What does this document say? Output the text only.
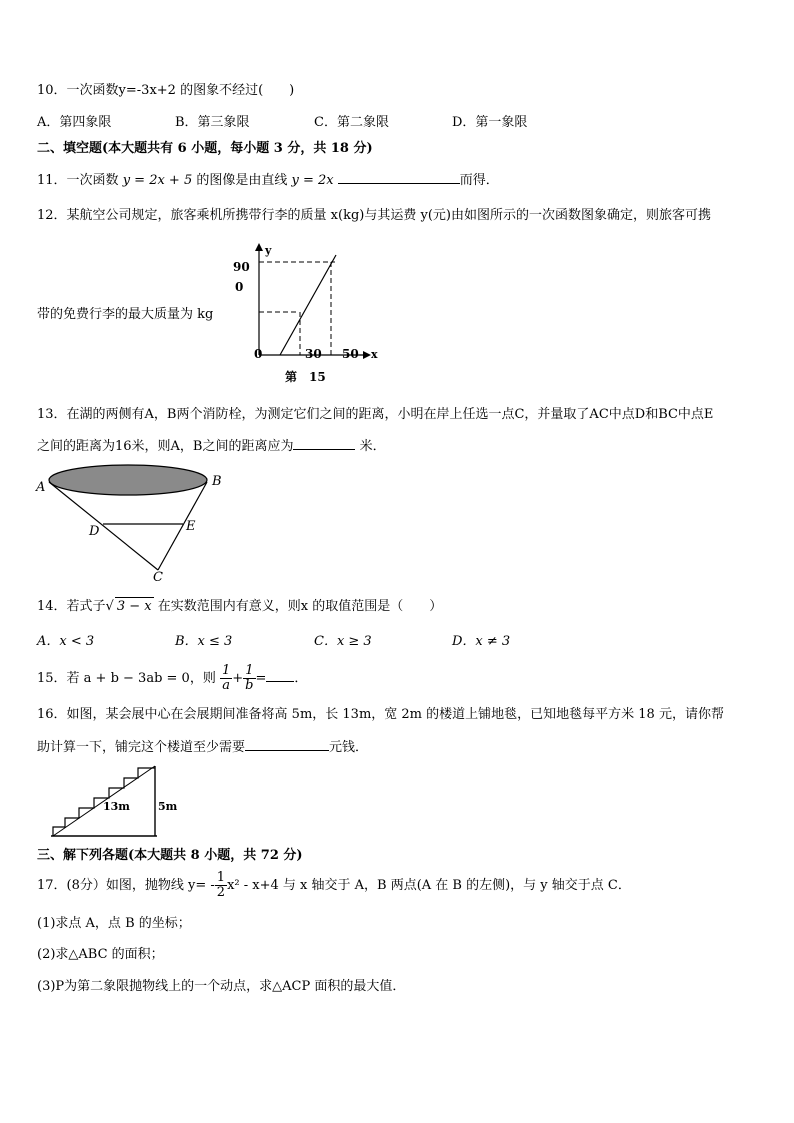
10．一次函数y=-3x+2 的图象不经过(　　)
A．第四象限	B．第三象限	C．第二象限	D．第一象限
二、填空题(本大题共有 6 小题，每小题 3 分，共 18 分)
11．一次函数 y = 2x + 5 的图像是由直线 y = 2x	而得．
12．某航空公司规定，旅客乘机所携带行李的质量 x(kg)与其运费 y(元)由如图所示的一次函数图象确定，则旅客可携
带的免费行李的最大质量为 kg
y
90
0
0	30 50 x
第　15
13．在湖的两侧有A，B两个消防栓，为测定它们之间的距离，小明在岸上任选一点C，并量取了AC中点D和BC中点E
之间的距离为16米，则A，B之间的距离应为	米．
A	B
D	E
C
14．若式子√ 3 − x 在实数范围内有意义，则x 的取值范围是（　　）
A．x < 3	B．x ≤ 3	C．x ≥ 3	D．x ≠ 3
15．若 a + b − 3ab = 0，则 $\frac{1}{a} + \frac{1}{b}$ = ．
16．如图，某会展中心在会展期间准备将高 5m，长 13m，宽 2m 的楼道上铺地毯，已知地毯每平方米 18 元，请你帮
助计算一下，铺完这个楼道至少需要	元钱．
13m	5m
三、解下列各题(本大题共 8 小题，共 72 分)
17．(8分）如图，抛物线 $y= - \frac{1}{2} x^2 - x+4$ 与 x 轴交于 A，B 两点(A 在 B 的左侧)，与 y 轴交于点 C．
(1)求点 A，点 B 的坐标；
(2)求△ABC 的面积；
(3)P为第二象限抛物线上的一个动点，求△ACP 面积的最大值．
